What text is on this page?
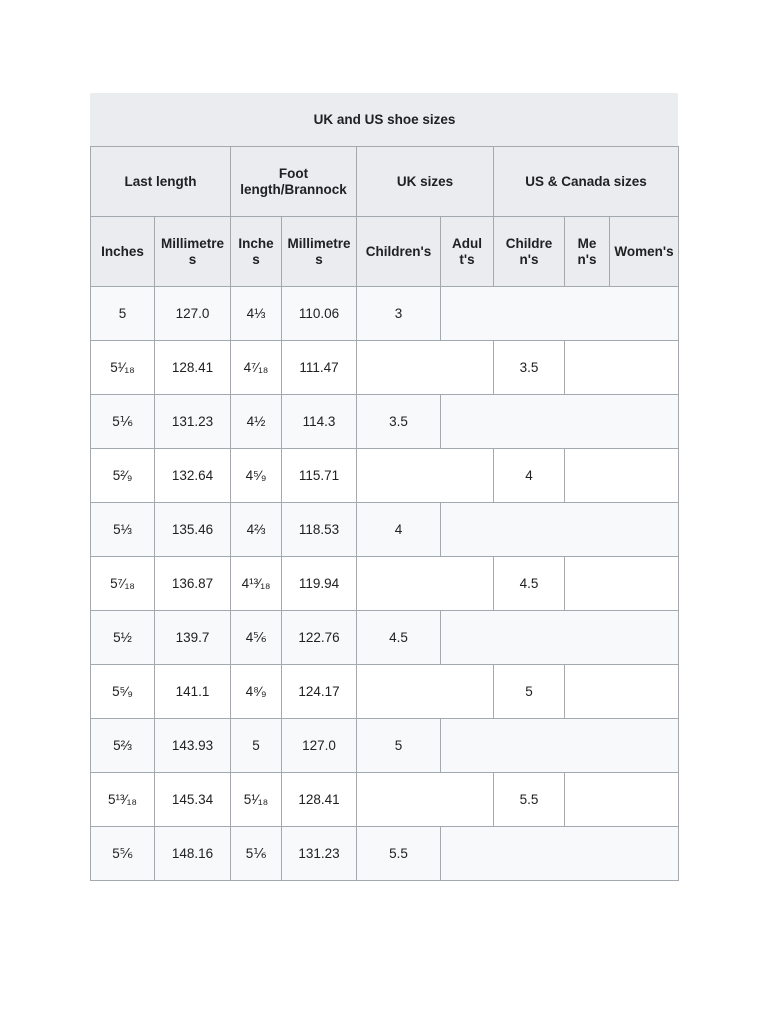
UK and US shoe sizes
Last length		Foot length/Brannock		UK sizes		US & Canada sizes		
Inches	Millimetres	Inches	Millimetres	Children's	Adult's	Children's	Men's	Women's
5	127.0	4⅓	110.06	3				
5¹⁄₁₈	128.41	4⁷⁄₁₈	111.47			3.5		
5⅙	131.23	4½	114.3	3.5				
5²⁄₉	132.64	4⁵⁄₉	115.71			4		
5⅓	135.46	4⅔	118.53	4				
5⁷⁄₁₈	136.87	4¹³⁄₁₈	119.94			4.5		
5½	139.7	4⅚	122.76	4.5				
5⁵⁄₉	141.1	4⁸⁄₉	124.17			5		
5⅔	143.93	5	127.0	5				
5¹³⁄₁₈	145.34	5¹⁄₁₈	128.41			5.5		
5⅚	148.16	5⅙	131.23	5.5				
